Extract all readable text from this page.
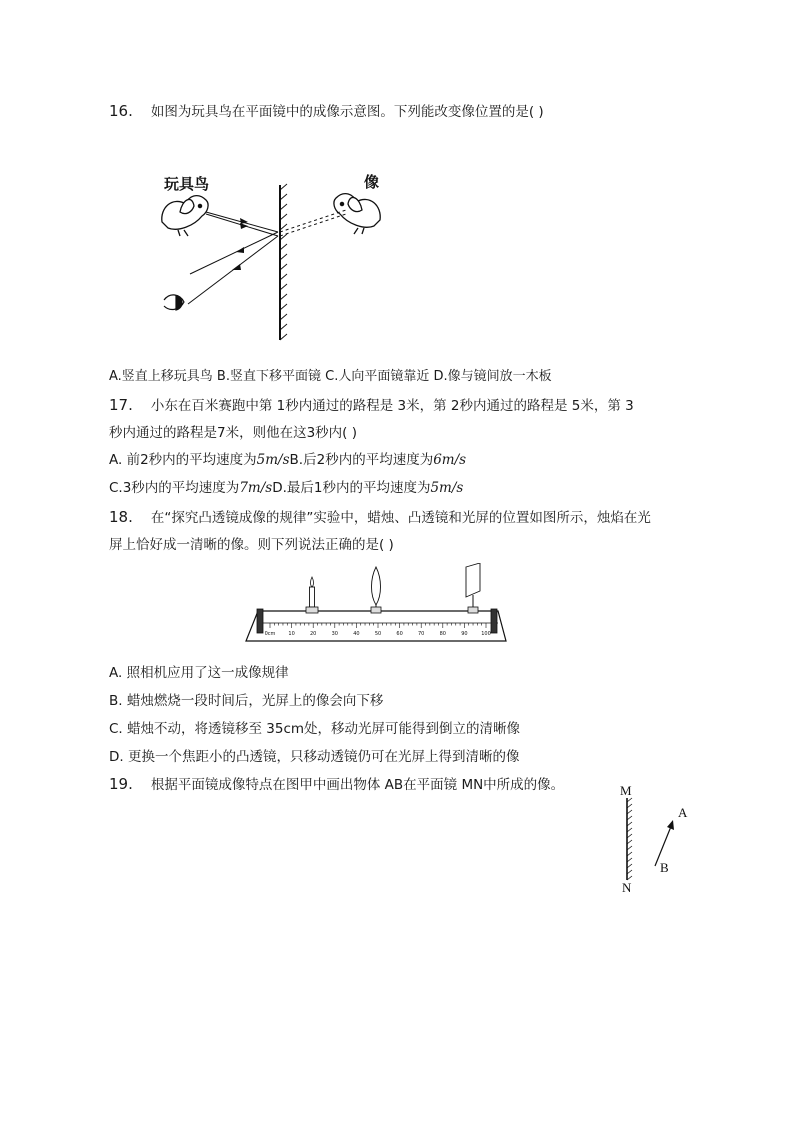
16. 如图为玩具鸟在平面镜中的成像示意图。下列能改变像位置的是( )
玩具鸟	像
A.竖直上移玩具鸟 B.竖直下移平面镜 C.人向平面镜靠近 D.像与镜间放一木板
17. 小东在百米赛跑中第 1秒内通过的路程是 3米，第 2秒内通过的路程是 5米，第 3
秒内通过的路程是7米，则他在这3秒内( )
A. 前2秒内的平均速度为5m/sB.后2秒内的平均速度为6m/s
C.3秒内的平均速度为7m/sD.最后1秒内的平均速度为5m/s
18. 在“探究凸透镜成像的规律”实验中，蜡烛、凸透镜和光屏的位置如图所示，烛焰在光
屏上恰好成一清晰的像。则下列说法正确的是( )
0cm	10	20	30	40	50	60	70	80	90	100
A. 照相机应用了这一成像规律
B. 蜡烛燃烧一段时间后，光屏上的像会向下移
C. 蜡烛不动，将透镜移至 35cm处，移动光屏可能得到倒立的清晰像
D. 更换一个焦距小的凸透镜，只移动透镜仍可在光屏上得到清晰的像
19. 根据平面镜成像特点在图甲中画出物体 AB在平面镜 MN中所成的像。	M
N
A
B
